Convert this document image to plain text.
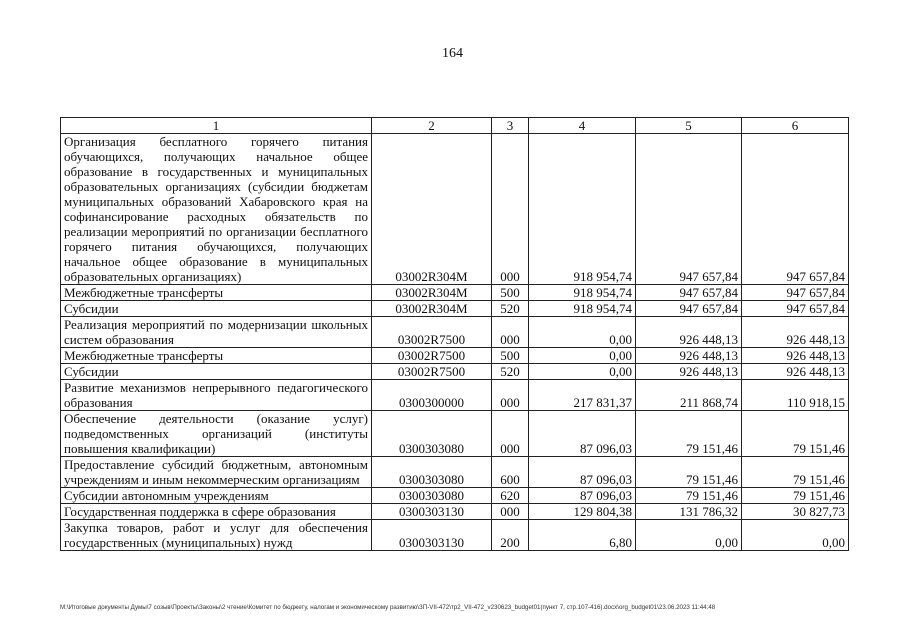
164
1	2	3	4	5	6
Организация бесплатного горячего питания обучающихся, получающих начальное общее образование в государственных и муниципальных образовательных организациях (субсидии бюджетам муниципальных образований Хабаровского края на софинансирование расходных обязательств по реализации мероприятий по организации бесплатного горячего питания обучающихся, получающих начальное общее образование в муниципальных образовательных организациях)	03002R304M	000	918 954,74	947 657,84	947 657,84
Межбюджетные трансферты	03002R304M	500	918 954,74	947 657,84	947 657,84
Субсидии	03002R304M	520	918 954,74	947 657,84	947 657,84
Реализация мероприятий по модернизации школьных систем образования	03002R7500	000	0,00	926 448,13	926 448,13
Межбюджетные трансферты	03002R7500	500	0,00	926 448,13	926 448,13
Субсидии	03002R7500	520	0,00	926 448,13	926 448,13
Развитие механизмов непрерывного педагогического образования	0300300000	000	217 831,37	211 868,74	110 918,15
Обеспечение деятельности (оказание услуг) подведомственных организаций (институты повышения квалификации)	0300303080	000	87 096,03	79 151,46	79 151,46
Предоставление субсидий бюджетным, автономным учреждениям и иным некоммерческим организациям	0300303080	600	87 096,03	79 151,46	79 151,46
Субсидии автономным учреждениям	0300303080	620	87 096,03	79 151,46	79 151,46
Государственная поддержка в сфере образования	0300303130	000	129 804,38	131 786,32	30 827,73
Закупка товаров, работ и услуг для обеспечения государственных (муниципальных) нужд	0300303130	200	6,80	0,00	0,00
М:\Итоговые документы Думы\7 созыв\Проекты\Законы\2 чтение\Комитет по бюджету, налогам и экономическому развитию\ЗП-VII-472\тр2_VII-472_v230623_budget01(пункт 7, стр.107-416).docx\org_budget01\23.06.2023 11:44:48
